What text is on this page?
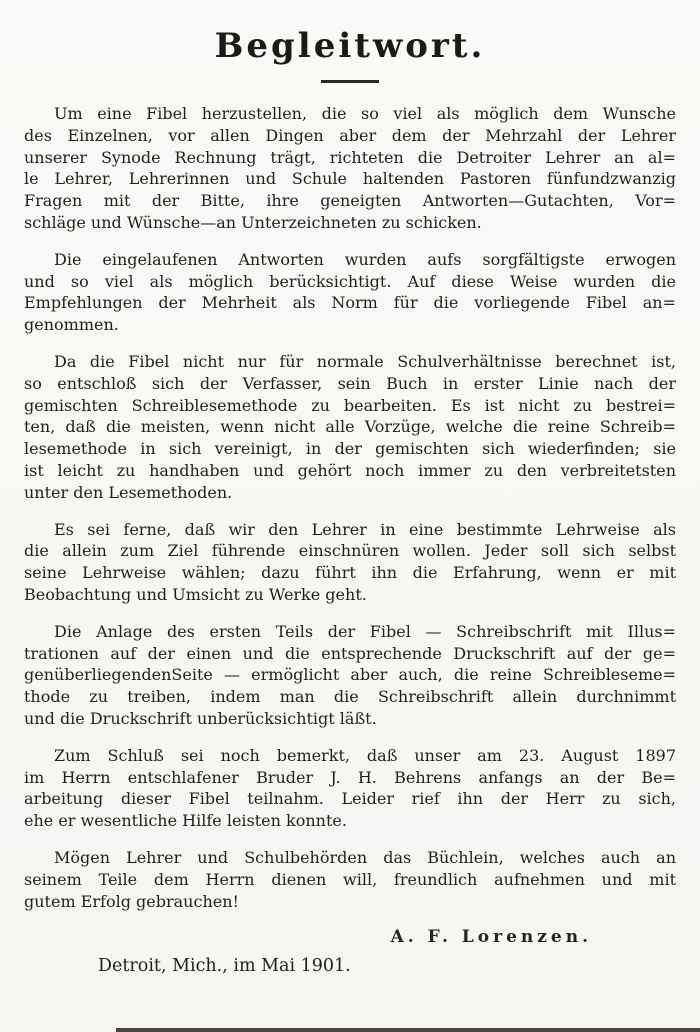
Begleitwort.

Um eine Fibel herzustellen, die so viel als möglich dem Wunsche
des Einzelnen, vor allen Dingen aber dem der Mehrzahl der Lehrer
unserer Synode Rechnung trägt, richteten die Detroiter Lehrer an al=
le Lehrer, Lehrerinnen und Schule haltenden Pastoren fünfundzwanzig
Fragen mit der Bitte, ihre geneigten Antworten—Gutachten, Vor=
schläge und Wünsche—an Unterzeichneten zu schicken.

Die eingelaufenen Antworten wurden aufs sorgfältigste erwogen
und so viel als möglich berücksichtigt. Auf diese Weise wurden die
Empfehlungen der Mehrheit als Norm für die vorliegende Fibel an=
genommen.

Da die Fibel nicht nur für normale Schulverhältnisse berechnet ist,
so entschloß sich der Verfasser, sein Buch in erster Linie nach der
gemischten Schreiblesemethode zu bearbeiten. Es ist nicht zu bestrei=
ten, daß die meisten, wenn nicht alle Vorzüge, welche die reine Schreib=
lesemethode in sich vereinigt, in der gemischten sich wiederfinden; sie
ist leicht zu handhaben und gehört noch immer zu den verbreitetsten
unter den Lesemethoden.

Es sei ferne, daß wir den Lehrer in eine bestimmte Lehrweise als
die allein zum Ziel führende einschnüren wollen. Jeder soll sich selbst
seine Lehrweise wählen; dazu führt ihn die Erfahrung, wenn er mit
Beobachtung und Umsicht zu Werke geht.

Die Anlage des ersten Teils der Fibel — Schreibschrift mit Illus=
trationen auf der einen und die entsprechende Druckschrift auf der ge=
genüberliegendenSeite — ermöglicht aber auch, die reine Schreibleseme=
thode zu treiben, indem man die Schreibschrift allein durchnimmt
und die Druckschrift unberücksichtigt läßt.

Zum Schluß sei noch bemerkt, daß unser am 23. August 1897
im Herrn entschlafener Bruder J. H. Behrens anfangs an der Be=
arbeitung dieser Fibel teilnahm. Leider rief ihn der Herr zu sich,
ehe er wesentliche Hilfe leisten konnte.

Mögen Lehrer und Schulbehörden das Büchlein, welches auch an
seinem Teile dem Herrn dienen will, freundlich aufnehmen und mit
gutem Erfolg gebrauchen!

A. F. Lorenzen.
Detroit, Mich., im Mai 1901.
